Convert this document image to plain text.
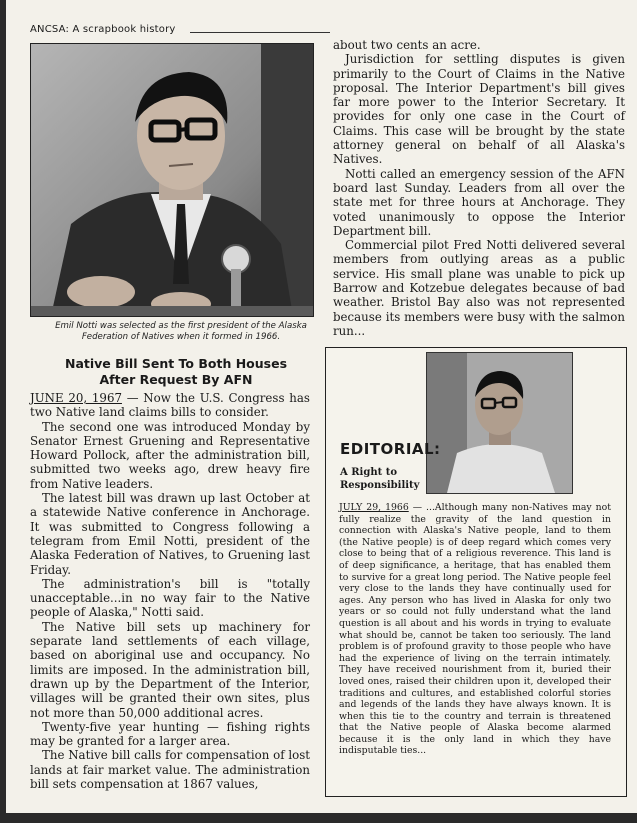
ANCSA: A scrapbook history
Emil Notti was selected as the first president of the Alaska Federation of Natives when it formed in 1966.
Native Bill Sent To Both Houses
After Request By AFN

JUNE 20, 1967 — Now the U.S. Congress has two Native land claims bills to consider.

The second one was introduced Monday by Senator Ernest Gruening and Representative Howard Pollock, after the administration bill, submitted two weeks ago, drew heavy fire from Native leaders.

The latest bill was drawn up last October at a statewide Native conference in Anchorage. It was submitted to Congress following a telegram from Emil Notti, president of the Alaska Federation of Natives, to Gruening last Friday.

The administration's bill is "totally unacceptable...in no way fair to the Native people of Alaska," Notti said.

The Native bill sets up machinery for separate land settlements of each village, based on aboriginal use and occupancy. No limits are imposed. In the administration bill, drawn up by the Department of the Interior, villages will be granted their own sites, plus not more than 50,000 additional acres.

Twenty-five year hunting — fishing rights may be granted for a larger area.

The Native bill calls for compensation of lost lands at fair market value. The administration bill sets compensation at 1867 values,

about two cents an acre.

Jurisdiction for settling disputes is given primarily to the Court of Claims in the Native proposal. The Interior Department's bill gives far more power to the Interior Secretary. It provides for only one case in the Court of Claims. This case will be brought by the state attorney general on behalf of all Alaska's Natives.

Notti called an emergency session of the AFN board last Sunday. Leaders from all over the state met for three hours at Anchorage. They voted unanimously to oppose the Interior Department bill.

Commercial pilot Fred Notti delivered several members from outlying areas as a public service. His small plane was unable to pick up Barrow and Kotzebue delegates because of bad weather. Bristol Bay also was not represented because its members were busy with the salmon run...

EDITORIAL:
A Right to Responsibility
JULY 29, 1966 — ...Although many non-Natives may not fully realize the gravity of the land question in connection with Alaska's Native people, land to them (the Native people) is of deep regard which comes very close to being that of a religious reverence. This land is of deep significance, a heritage, that has enabled them to survive for a great long period. The Native people feel very close to the lands they have continually used for ages. Any person who has lived in Alaska for only two years or so could not fully understand what the land question is all about and his words in trying to evaluate what should be, cannot be taken too seriously. The land problem is of profound gravity to those people who have had the experience of living on the terrain intimately. They have received nourishment from it, buried their loved ones, raised their children upon it, developed their traditions and cultures, and established colorful stories and legends of the lands they have always known. It is when this tie to the country and terrain is threatened that the Native people of Alaska become alarmed because it is the only land in which they have indisputable ties...
